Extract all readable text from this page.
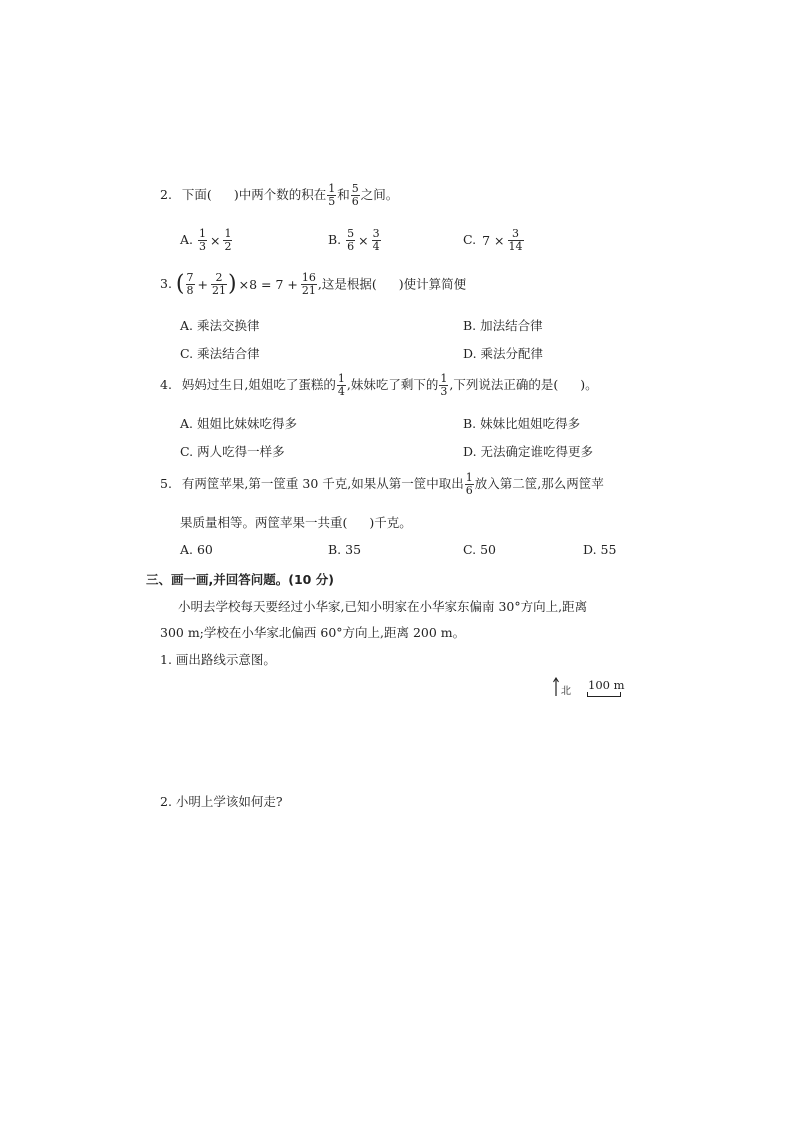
2. 下面( )中两个数的积在 $\frac{1}{5}$ 和 $\frac{5}{6}$ 之间。
A. $\frac{1}{3} \times \frac{1}{2}$	B. $\frac{5}{6} \times \frac{3}{4}$	C. $7 \times \frac{3}{14}$
3. ( $\frac{7}{8} + \frac{2}{21}$ ) $\times 8 = 7 + \frac{16}{21}$ ,这是根据( )使计算简便
A. 乘法交换律	B. 加法结合律
C. 乘法结合律	D. 乘法分配律
4. 妈妈过生日,姐姐吃了蛋糕的 $\frac{1}{4}$ ,妹妹吃了剩下的 $\frac{1}{3}$ ,下列说法正确的是( )。
A. 姐姐比妹妹吃得多	B. 妹妹比姐姐吃得多
C. 两人吃得一样多	D. 无法确定谁吃得更多
5. 有两筐苹果,第一筐重 30 千克,如果从第一筐中取出 $\frac{1}{6}$ 放入第二筐,那么两筐苹
果质量相等。两筐苹果一共重( )千克。
A. 60	B. 35	C. 50	D. 55
三、画一画,并回答问题。(10 分)
小明去学校每天要经过小华家,已知小明家在小华家东偏南 30°方向上,距离
300 m;学校在小华家北偏西 60°方向上,距离 200 m。
1. 画出路线示意图。
北 100 m
2. 小明上学该如何走?
